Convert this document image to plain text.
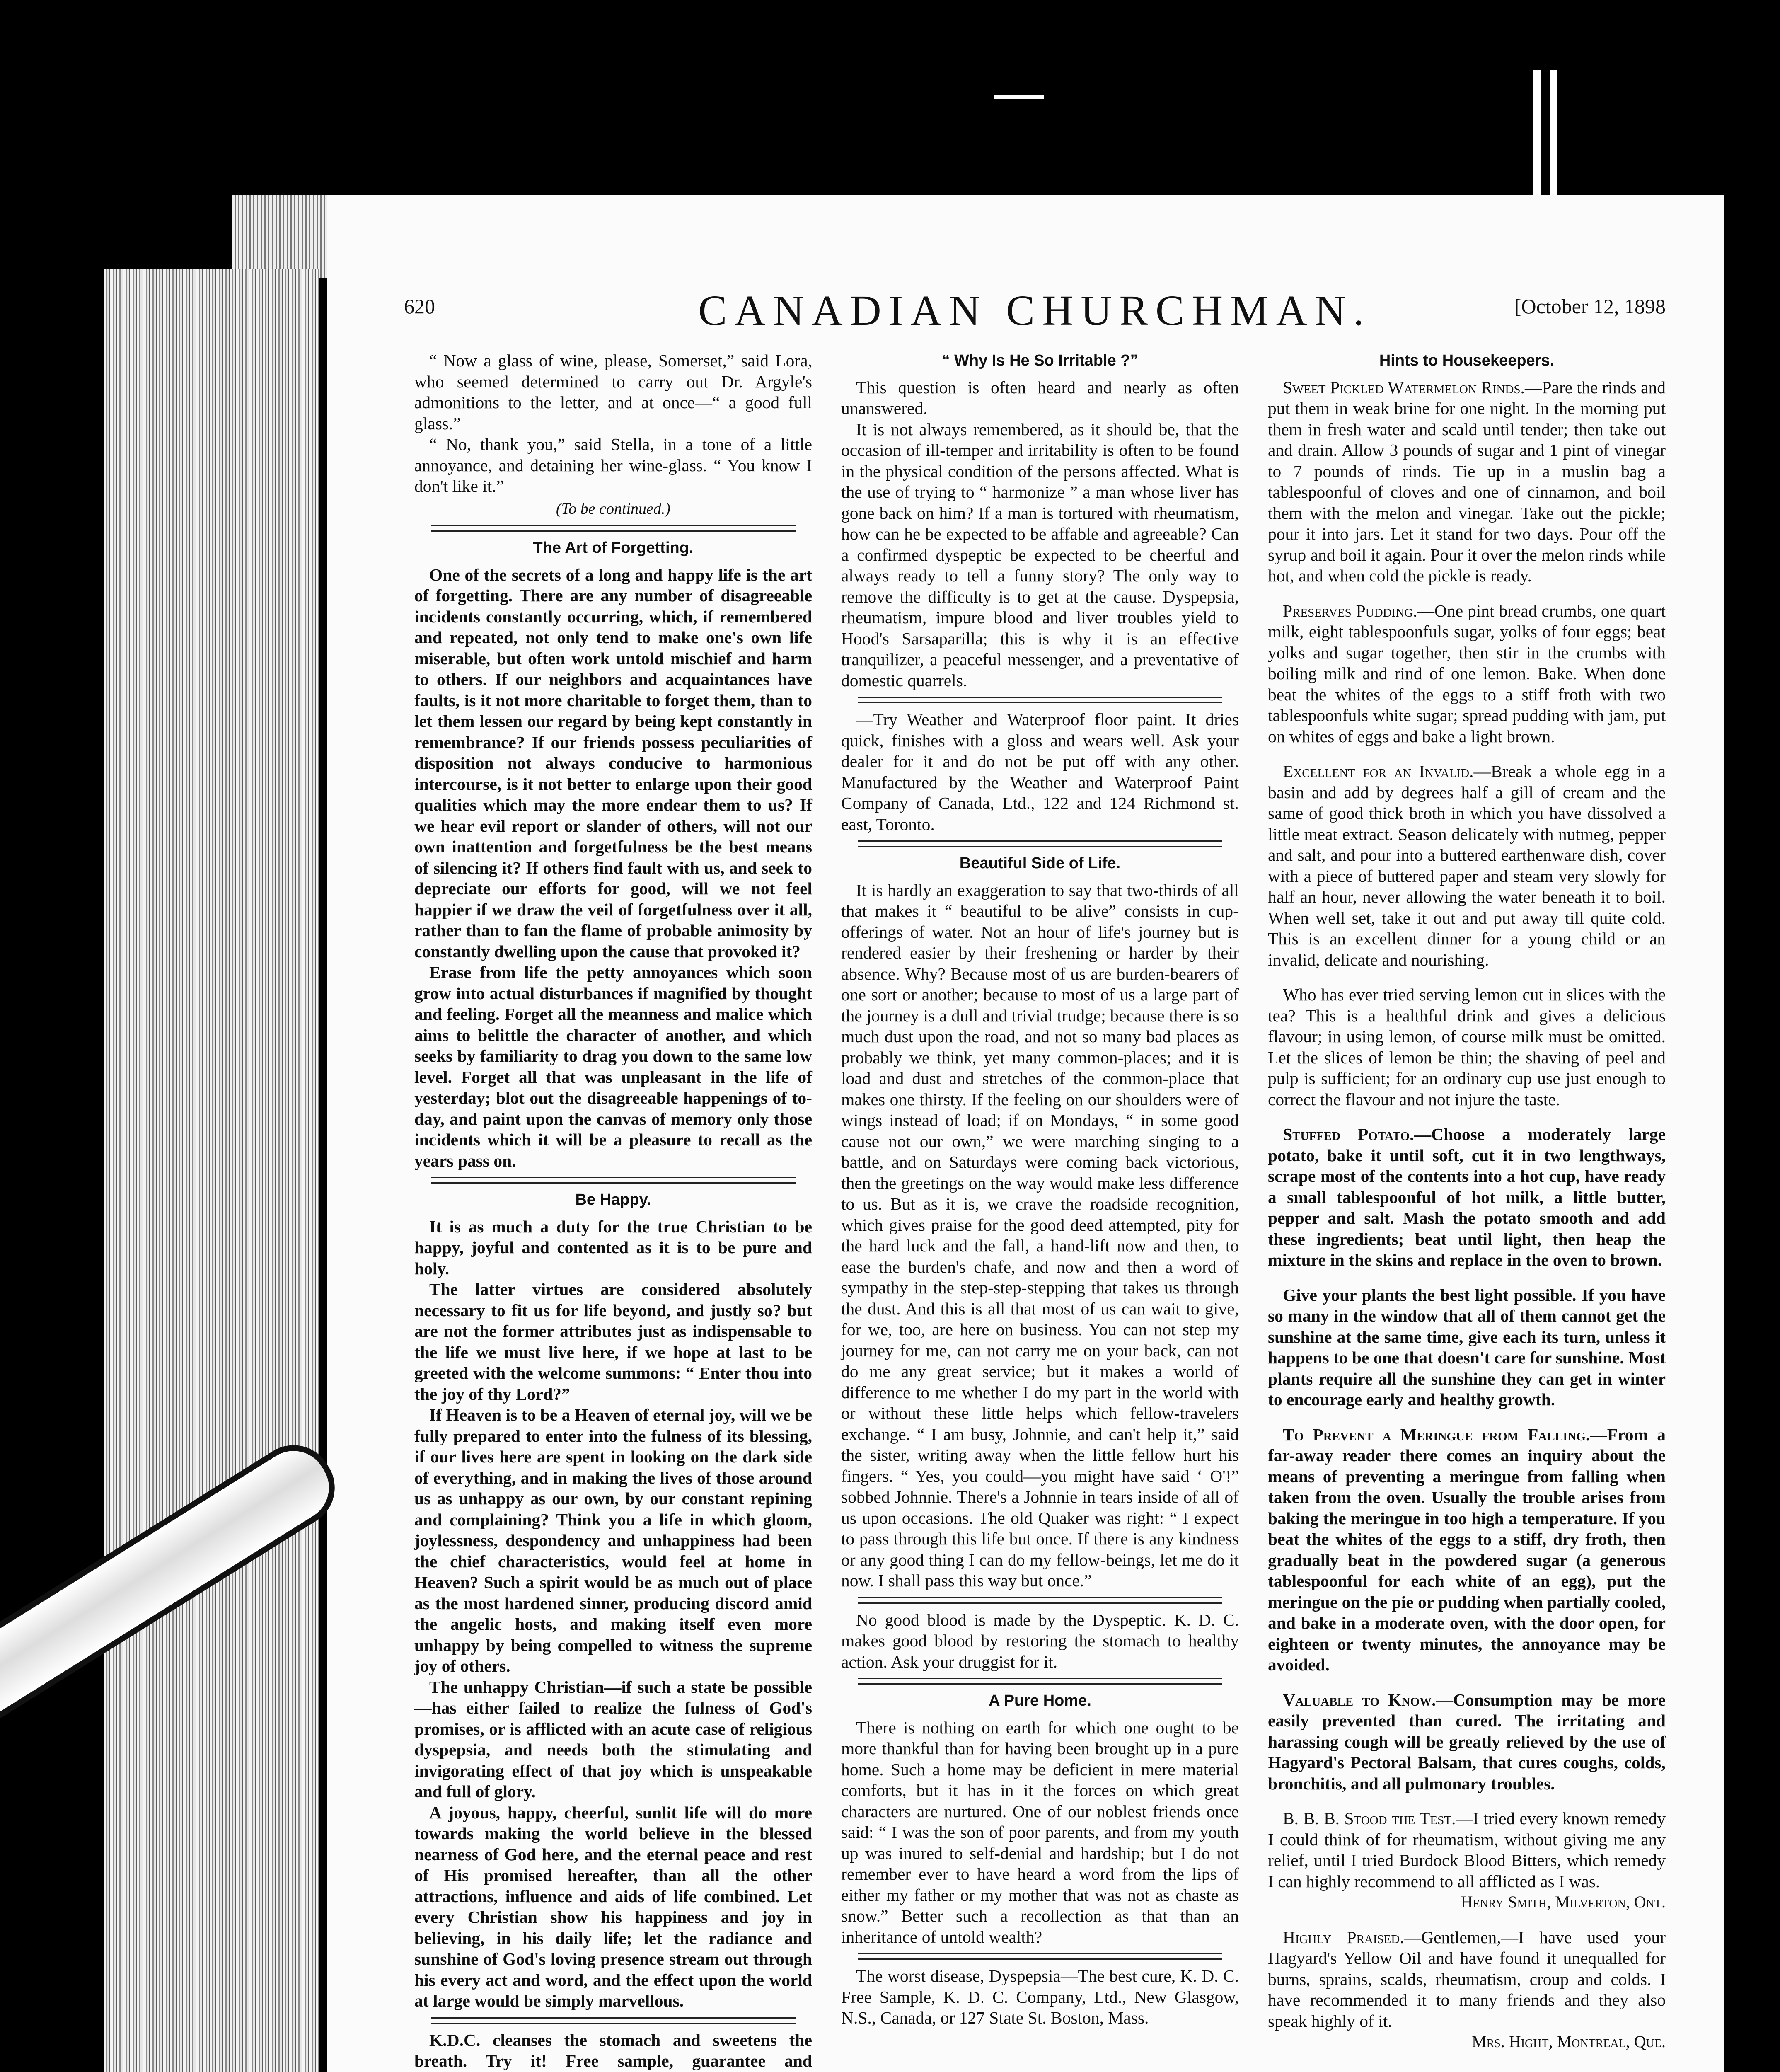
620	CANADIAN CHURCHMAN.	[October 12, 1898

“ Now a glass of wine, please, Somerset,” said Lora, who seemed determined to carry out Dr. Argyle's admonitions to the letter, and at once—“ a good full glass.”

“ No, thank you,” said Stella, in a tone of a little annoyance, and detaining her wine-glass. “ You know I don't like it.”

(To be continued.)
The Art of Forgetting.

One of the secrets of a long and happy life is the art of forgetting. There are any number of disagreeable incidents constantly occurring, which, if remembered and repeated, not only tend to make one's own life miserable, but often work untold mischief and harm to others. If our neighbors and acquaintances have faults, is it not more charitable to forget them, than to let them lessen our regard by being kept constantly in remembrance? If our friends possess peculiarities of disposition not always conducive to harmonious intercourse, is it not better to enlarge upon their good qualities which may the more endear them to us? If we hear evil report or slander of others, will not our own inattention and forgetfulness be the best means of silencing it? If others find fault with us, and seek to depreciate our efforts for good, will we not feel happier if we draw the veil of forgetfulness over it all, rather than to fan the flame of probable animosity by constantly dwelling upon the cause that provoked it?

Erase from life the petty annoyances which soon grow into actual disturbances if magnified by thought and feeling. Forget all the meanness and malice which aims to belittle the character of another, and which seeks by familiarity to drag you down to the same low level. Forget all that was unpleasant in the life of yesterday; blot out the disagreeable happenings of to-day, and paint upon the canvas of memory only those incidents which it will be a pleasure to recall as the years pass on.

Be Happy.

It is as much a duty for the true Christian to be happy, joyful and contented as it is to be pure and holy.

The latter virtues are considered absolutely necessary to fit us for life beyond, and justly so? but are not the former attributes just as indispensable to the life we must live here, if we hope at last to be greeted with the welcome summons: “ Enter thou into the joy of thy Lord?”

If Heaven is to be a Heaven of eternal joy, will we be fully prepared to enter into the fulness of its blessing, if our lives here are spent in looking on the dark side of everything, and in making the lives of those around us as unhappy as our own, by our constant repining and complaining? Think you a life in which gloom, joylessness, despondency and unhappiness had been the chief characteristics, would feel at home in Heaven? Such a spirit would be as much out of place as the most hardened sinner, producing discord amid the angelic hosts, and making itself even more unhappy by being compelled to witness the supreme joy of others.

The unhappy Christian—if such a state be possible—has either failed to realize the fulness of God's promises, or is afflicted with an acute case of religious dyspepsia, and needs both the stimulating and invigorating effect of that joy which is unspeakable and full of glory.

A joyous, happy, cheerful, sunlit life will do more towards making the world believe in the blessed nearness of God here, and the eternal peace and rest of His promised hereafter, than all the other attractions, influence and aids of life combined. Let every Christian show his happiness and joy in believing, in his daily life; let the radiance and sunshine of God's loving presence stream out through his every act and word, and the effect upon the world at large would be simply marvellous.

K.D.C. cleanses the stomach and sweetens the breath. Try it! Free sample, guarantee and

“ Why Is He So Irritable ?”

This question is often heard and nearly as often unanswered.

It is not always remembered, as it should be, that the occasion of ill-temper and irritability is often to be found in the physical condition of the persons affected. What is the use of trying to “ harmonize ” a man whose liver has gone back on him? If a man is tortured with rheumatism, how can he be expected to be affable and agreeable? Can a confirmed dyspeptic be expected to be cheerful and always ready to tell a funny story? The only way to remove the difficulty is to get at the cause. Dyspepsia, rheumatism, impure blood and liver troubles yield to Hood's Sarsaparilla; this is why it is an effective tranquilizer, a peaceful messenger, and a preventative of domestic quarrels.

—Try Weather and Waterproof floor paint. It dries quick, finishes with a gloss and wears well. Ask your dealer for it and do not be put off with any other. Manufactured by the Weather and Waterproof Paint Company of Canada, Ltd., 122 and 124 Richmond st. east, Toronto.

Beautiful Side of Life.

It is hardly an exaggeration to say that two-thirds of all that makes it “ beautiful to be alive” consists in cup-offerings of water. Not an hour of life's journey but is rendered easier by their freshening or harder by their absence. Why? Because most of us are burden-bearers of one sort or another; because to most of us a large part of the journey is a dull and trivial trudge; because there is so much dust upon the road, and not so many bad places as probably we think, yet many common-places; and it is load and dust and stretches of the common-place that makes one thirsty. If the feeling on our shoulders were of wings instead of load; if on Mondays, “ in some good cause not our own,” we were marching singing to a battle, and on Saturdays were coming back victorious, then the greetings on the way would make less difference to us. But as it is, we crave the roadside recognition, which gives praise for the good deed attempted, pity for the hard luck and the fall, a hand-lift now and then, to ease the burden's chafe, and now and then a word of sympathy in the step-step-stepping that takes us through the dust. And this is all that most of us can wait to give, for we, too, are here on business. You can not step my journey for me, can not carry me on your back, can not do me any great service; but it makes a world of difference to me whether I do my part in the world with or without these little helps which fellow-travelers exchange. “ I am busy, Johnnie, and can't help it,” said the sister, writing away when the little fellow hurt his fingers. “ Yes, you could—you might have said ‘ O'!” sobbed Johnnie. There's a Johnnie in tears inside of all of us upon occasions. The old Quaker was right: “ I expect to pass through this life but once. If there is any kindness or any good thing I can do my fellow-beings, let me do it now. I shall pass this way but once.”

No good blood is made by the Dyspeptic. K. D. C. makes good blood by restoring the stomach to healthy action. Ask your druggist for it.

A Pure Home.

There is nothing on earth for which one ought to be more thankful than for having been brought up in a pure home. Such a home may be deficient in mere material comforts, but it has in it the forces on which great characters are nurtured. One of our noblest friends once said: “ I was the son of poor parents, and from my youth up was inured to self-denial and hardship; but I do not remember ever to have heard a word from the lips of either my father or my mother that was not as chaste as snow.” Better such a recollection as that than an inheritance of untold wealth?

The worst disease, Dyspepsia—The best cure, K. D. C. Free Sample, K. D. C. Company, Ltd., New Glasgow, N.S., Canada, or 127 State St. Boston, Mass.

Hints to Housekeepers.

Sweet Pickled Watermelon Rinds.—Pare the rinds and put them in weak brine for one night. In the morning put them in fresh water and scald until tender; then take out and drain. Allow 3 pounds of sugar and 1 pint of vinegar to 7 pounds of rinds. Tie up in a muslin bag a tablespoonful of cloves and one of cinnamon, and boil them with the melon and vinegar. Take out the pickle; pour it into jars. Let it stand for two days. Pour off the syrup and boil it again. Pour it over the melon rinds while hot, and when cold the pickle is ready.

Preserves Pudding.—One pint bread crumbs, one quart milk, eight tablespoonfuls sugar, yolks of four eggs; beat yolks and sugar together, then stir in the crumbs with boiling milk and rind of one lemon. Bake. When done beat the whites of the eggs to a stiff froth with two tablespoonfuls white sugar; spread pudding with jam, put on whites of eggs and bake a light brown.

Excellent for an Invalid.—Break a whole egg in a basin and add by degrees half a gill of cream and the same of good thick broth in which you have dissolved a little meat extract. Season delicately with nutmeg, pepper and salt, and pour into a buttered earthenware dish, cover with a piece of buttered paper and steam very slowly for half an hour, never allowing the water beneath it to boil. When well set, take it out and put away till quite cold. This is an excellent dinner for a young child or an invalid, delicate and nourishing.

Who has ever tried serving lemon cut in slices with the tea? This is a healthful drink and gives a delicious flavour; in using lemon, of course milk must be omitted. Let the slices of lemon be thin; the shaving of peel and pulp is sufficient; for an ordinary cup use just enough to correct the flavour and not injure the taste.

Stuffed Potato.—Choose a moderately large potato, bake it until soft, cut it in two lengthways, scrape most of the contents into a hot cup, have ready a small tablespoonful of hot milk, a little butter, pepper and salt. Mash the potato smooth and add these ingredients; beat until light, then heap the mixture in the skins and replace in the oven to brown.

Give your plants the best light possible. If you have so many in the window that all of them cannot get the sunshine at the same time, give each its turn, unless it happens to be one that doesn't care for sunshine. Most plants require all the sunshine they can get in winter to encourage early and healthy growth.

To Prevent a Meringue from Falling.—From a far-away reader there comes an inquiry about the means of preventing a meringue from falling when taken from the oven. Usually the trouble arises from baking the meringue in too high a temperature. If you beat the whites of the eggs to a stiff, dry froth, then gradually beat in the powdered sugar (a generous tablespoonful for each white of an egg), put the meringue on the pie or pudding when partially cooled, and bake in a moderate oven, with the door open, for eighteen or twenty minutes, the annoyance may be avoided.

Valuable to Know.—Consumption may be more easily prevented than cured. The irritating and harassing cough will be greatly relieved by the use of Hagyard's Pectoral Balsam, that cures coughs, colds, bronchitis, and all pulmonary troubles.

B. B. B. Stood the Test.—I tried every known remedy I could think of for rheumatism, without giving me any relief, until I tried Burdock Blood Bitters, which remedy I can highly recommend to all afflicted as I was.

Henry Smith, Milverton, Ont.

Highly Praised.—Gentlemen,—I have used your Hagyard's Yellow Oil and have found it unequalled for burns, sprains, scalds, rheumatism, croup and colds. I have recommended it to many friends and they also speak highly of it.

Mrs. Hight, Montreal, Que.
